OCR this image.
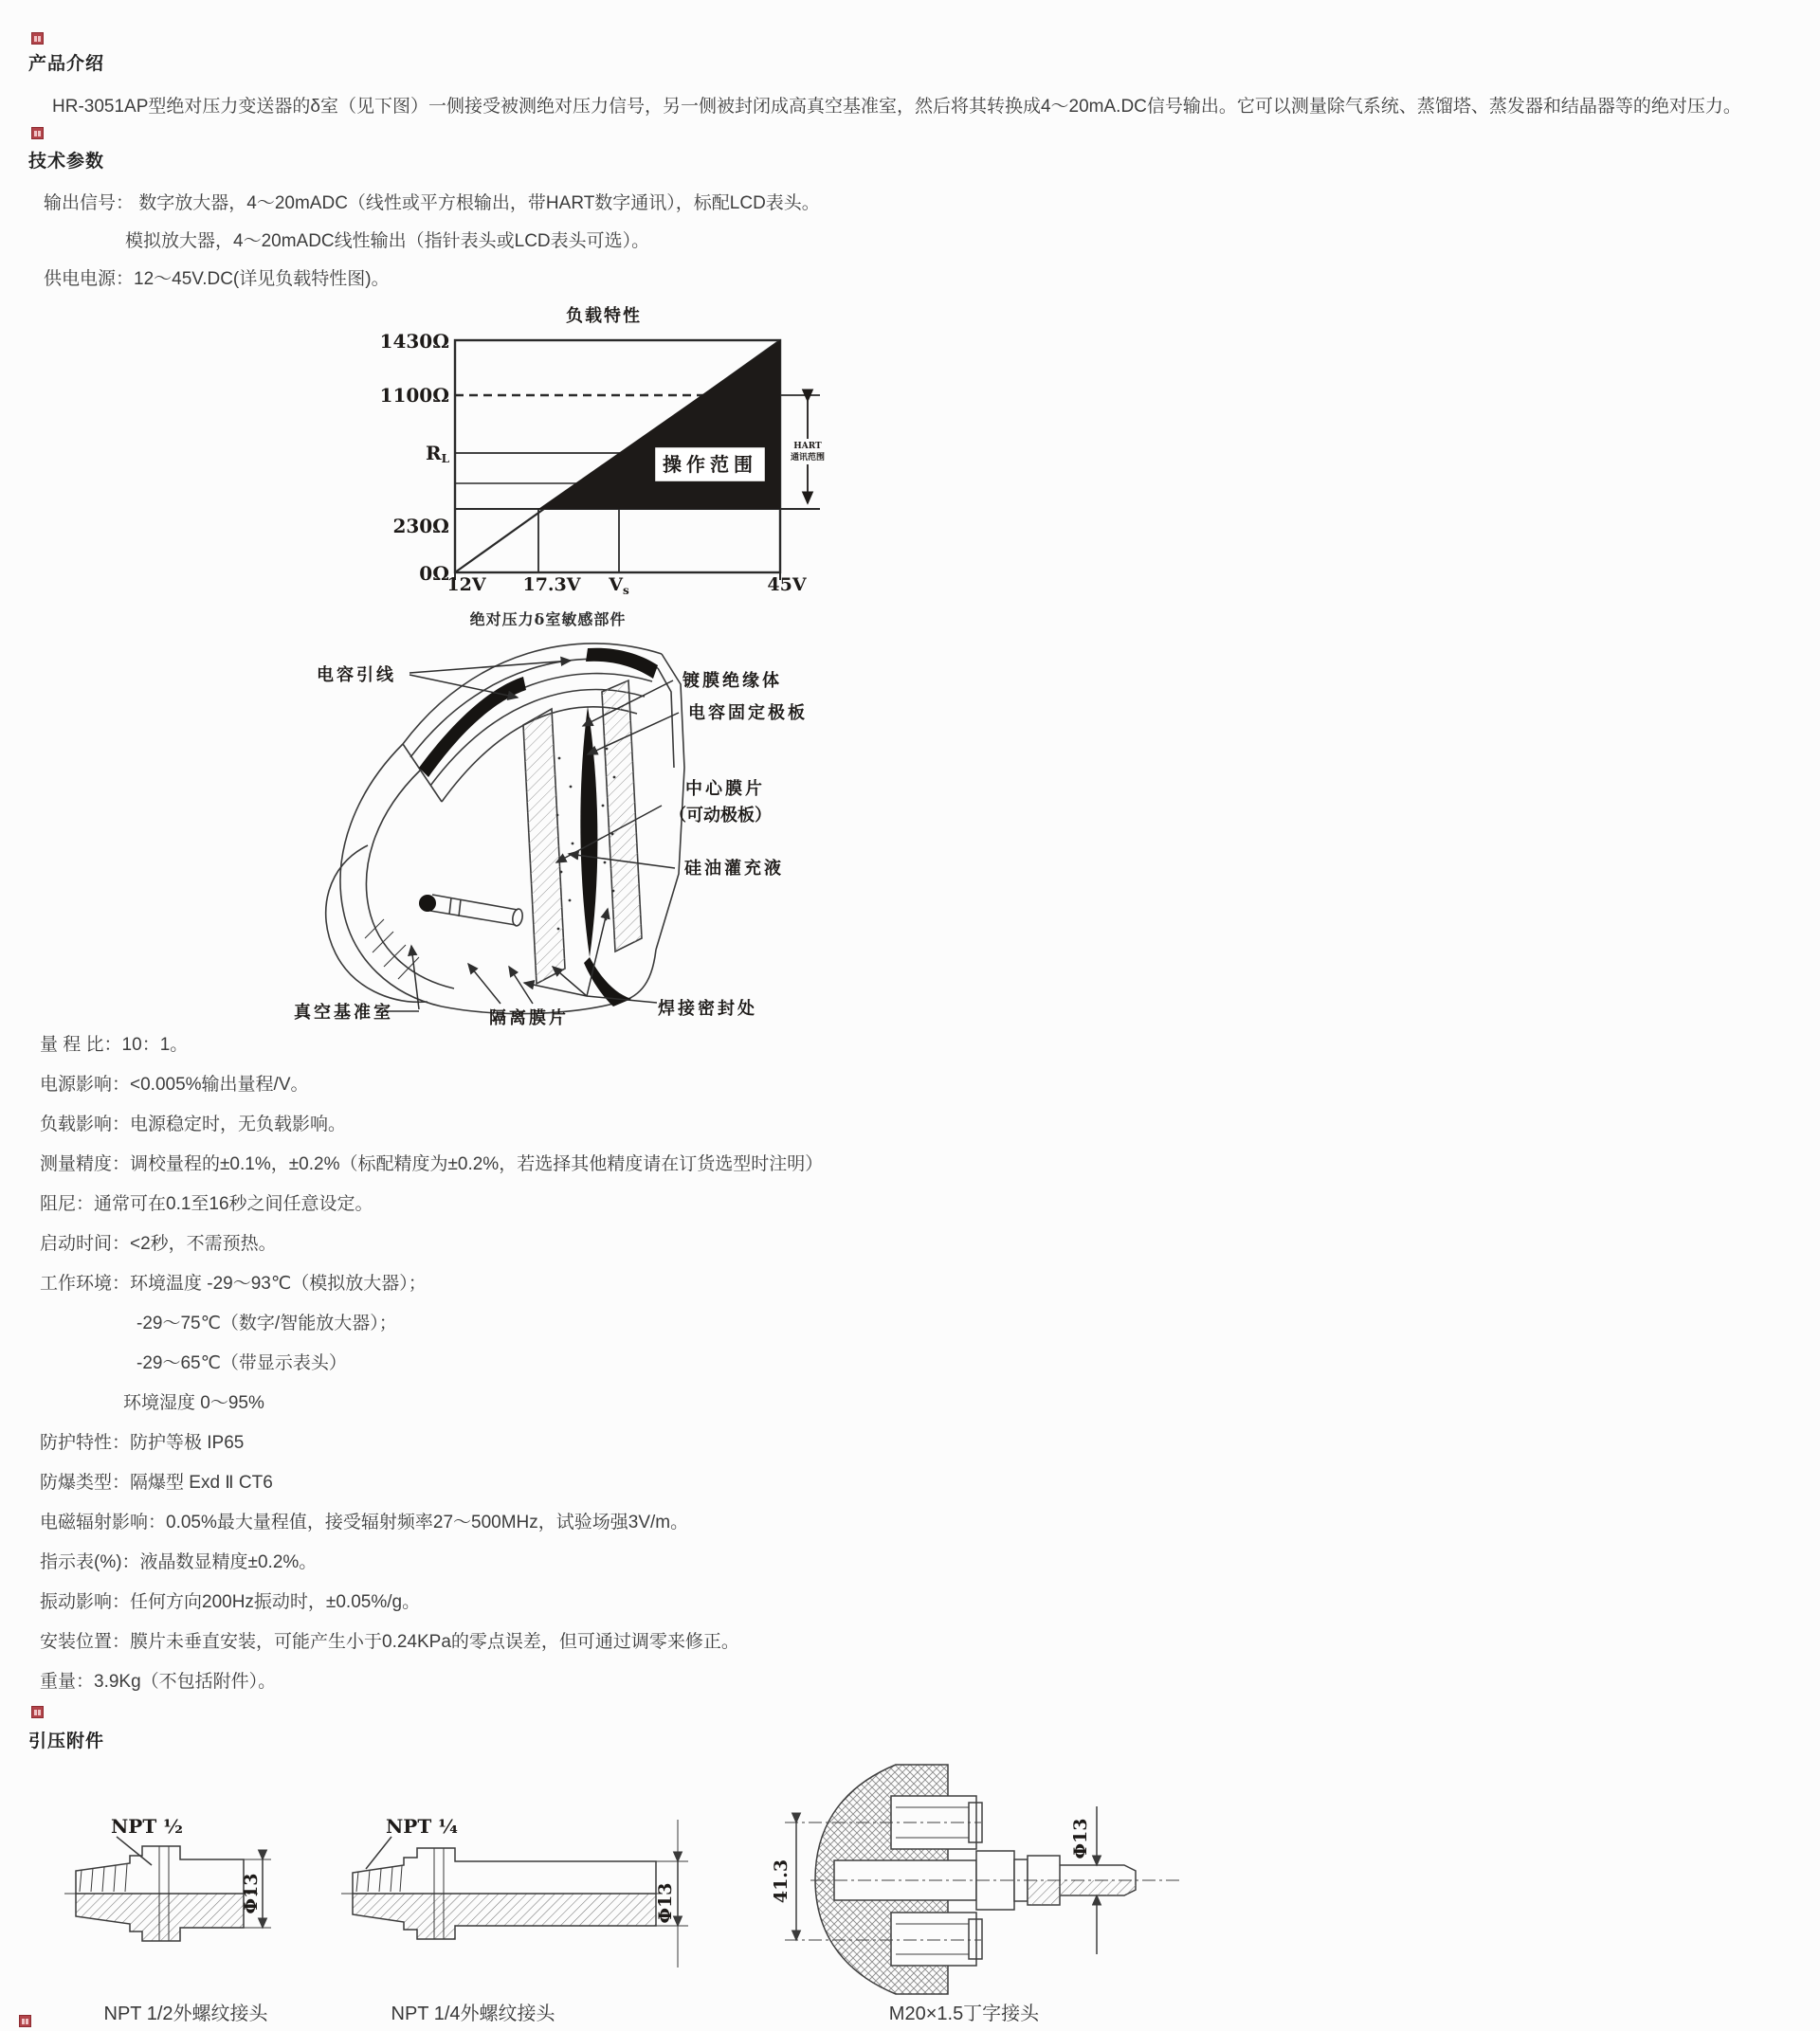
产品介绍
HR-3051AP型绝对压力变送器的δ室（见下图）一侧接受被测绝对压力信号，另一侧被封闭成高真空基准室，然后将其转换成4～20mA.DC信号输出。它可以测量除气系统、蒸馏塔、蒸发器和结晶器等的绝对压力。
技术参数
输出信号： 数字放大器，4～20mADC（线性或平方根输出，带HART数字通讯），标配LCD表头。
模拟放大器，4～20mADC线性输出（指针表头或LCD表头可选）。
供电电源：12～45V.DC(详见负载特性图)。
负载特性
操作范围
HART
通讯范围
1430Ω
1100Ω
RL
230Ω
0Ω
12V 17.3V $V_s$	45V
绝对压力δ室敏感部件
电容引线	镀膜绝缘体
电容固定极板
中心膜片
（可动极板）
硅油灌充液
真空基准室	隔离膜片	焊接密封处
量 程 比：10：1。
电源影响：<0.005%输出量程/V。
负载影响：电源稳定时，无负载影响。
测量精度：调校量程的±0.1%，±0.2%（标配精度为±0.2%，若选择其他精度请在订货选型时注明）
阻尼：通常可在0.1至16秒之间任意设定。
启动时间：<2秒，不需预热。
工作环境：环境温度 -29～93℃（模拟放大器）；
-29～75℃（数字/智能放大器）；
-29～65℃（带显示表头）
环境湿度 0～95%
防护特性：防护等极 IP65
防爆类型：隔爆型 Exd Ⅱ CT6
电磁辐射影响：0.05%最大量程值，接受辐射频率27～500MHz，试验场强3V/m。
指示表(%)：液晶数显精度±0.2%。
振动影响：任何方向200Hz振动时，±0.05%/g。
安装位置：膜片未垂直安装，可能产生小于0.24KPa的零点误差，但可通过调零来修正。
重量：3.9Kg（不包括附件）。
引压附件
NPT ½
Φ13
NPT ¼
Φ13	41.3
Φ13
NPT 1/2外螺纹接头	NPT 1/4外螺纹接头	M20×1.5丁字接头
